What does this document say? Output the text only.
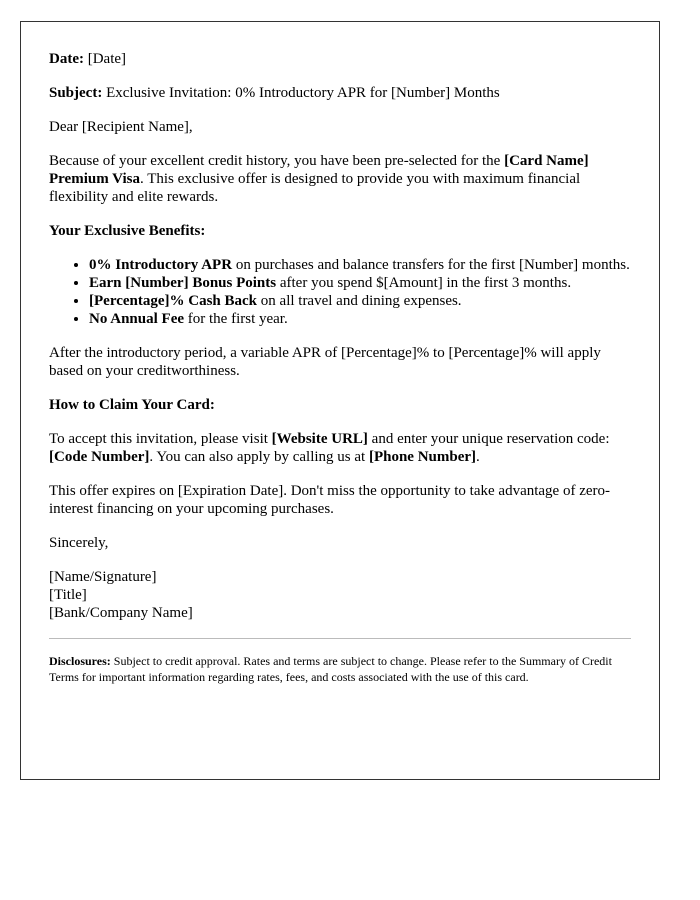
Date: [Date]

Subject: Exclusive Invitation: 0% Introductory APR for [Number] Months

Dear [Recipient Name],

Because of your excellent credit history, you have been pre-selected for the [Card Name] Premium Visa. This exclusive offer is designed to provide you with maximum financial flexibility and elite rewards.

Your Exclusive Benefits:

• 0% Introductory APR on purchases and balance transfers for the first [Number] months.
• Earn [Number] Bonus Points after you spend $[Amount] in the first 3 months.
• [Percentage]% Cash Back on all travel and dining expenses.
• No Annual Fee for the first year.

After the introductory period, a variable APR of [Percentage]% to [Percentage]% will apply based on your creditworthiness.

How to Claim Your Card:

To accept this invitation, please visit [Website URL] and enter your unique reservation code: [Code Number]. You can also apply by calling us at [Phone Number].

This offer expires on [Expiration Date]. Don't miss the opportunity to take advantage of zero-interest financing on your upcoming purchases.

Sincerely,

[Name/Signature]
[Title]
[Bank/Company Name]

Disclosures: Subject to credit approval. Rates and terms are subject to change. Please refer to the Summary of Credit Terms for important information regarding rates, fees, and costs associated with the use of this card.
